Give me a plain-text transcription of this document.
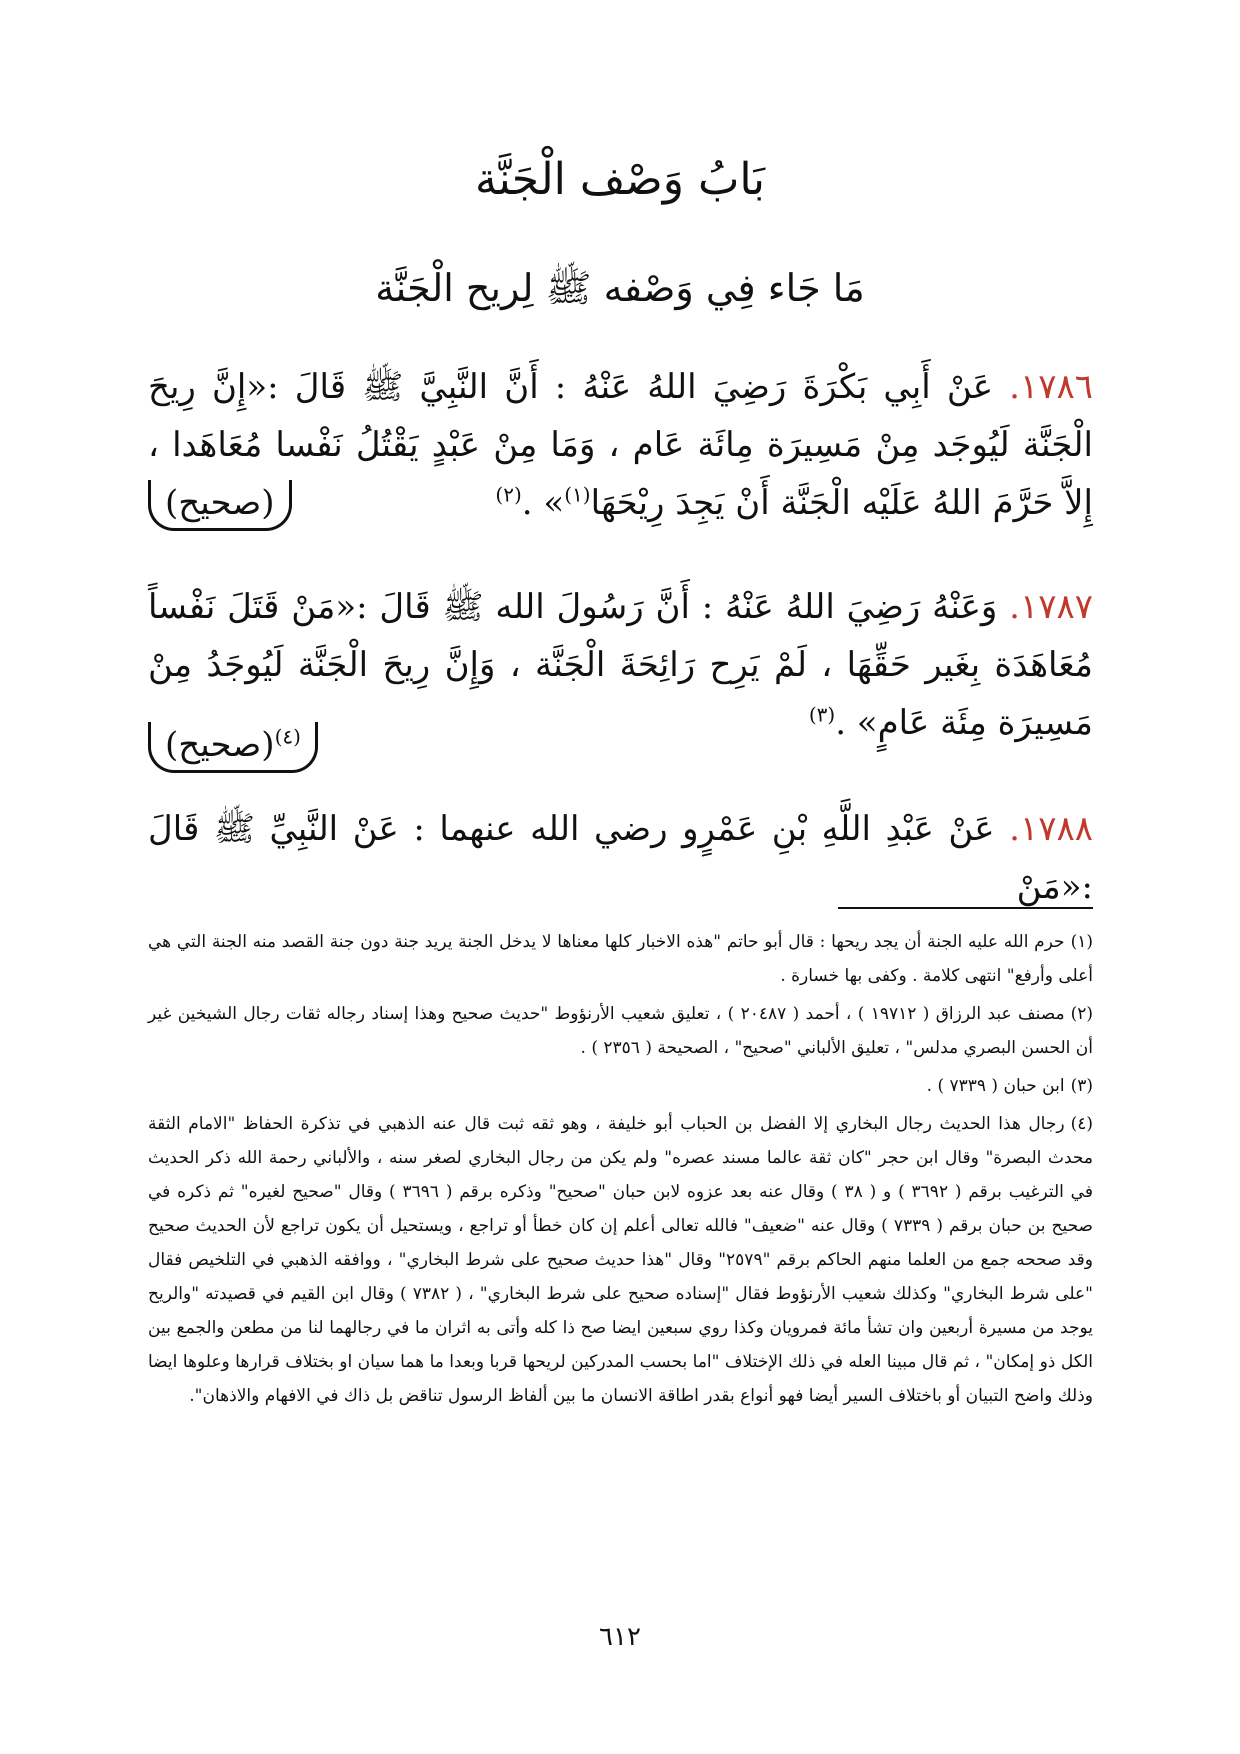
بَابُ وَصْف الْجَنَّة
مَا جَاء فِي وَصْفه ﷺ لِريح الْجَنَّة
١٧٨٦. عَنْ أَبِي بَكْرَةَ رَضِيَ اللهُ عَنْهُ : أَنَّ النَّبِيَّ ﷺ قَالَ :«إِنَّ رِيحَ الْجَنَّة لَيُوجَد مِنْ مَسِيرَة مِائَة عَام ، وَمَا مِنْ عَبْدٍ يَقْتُلُ نَفْسا مُعَاهَدا ، إِلاَّ حَرَّمَ اللهُ عَلَيْه الْجَنَّة أَنْ يَجِدَ رِيْحَهَا$^{(١)}$» .$^{(٢)}$
(صحيح)
١٧٨٧. وَعَنْهُ رَضِيَ اللهُ عَنْهُ : أَنَّ رَسُولَ الله ﷺ قَالَ :«مَنْ قَتَلَ نَفْساً مُعَاهَدَة بِغَير حَقِّهَا ، لَمْ يَرِح رَائِحَةَ الْجَنَّة ، وَإِنَّ رِيحَ الْجَنَّة لَيُوجَدُ مِنْ مَسِيرَة مِئَة عَامٍ» .$^{(٣)}$
$^{(٤)}$(صحيح)
١٧٨٨. عَنْ عَبْدِ اللَّهِ بْنِ عَمْرٍو رضي الله عنهما : عَنْ النَّبِيِّ ﷺ قَالَ :«مَنْ
(١)حرم الله عليه الجنة أن يجد ريحها : قال أبو حاتم "هذه الاخبار كلها معناها لا يدخل الجنة يريد جنة دون جنة القصد منه الجنة التي هي أعلى وأرفع" انتهى كلامة . وكفى بها خسارة .
(٢)مصنف عبد الرزاق ( ١٩٧١٢ ) ، أحمد ( ٢٠٤٨٧ ) ، تعليق شعيب الأرنؤوط "حديث صحيح وهذا إسناد رجاله ثقات رجال الشيخين غير أن الحسن البصري مدلس" ، تعليق الألباني "صحيح" ، الصحيحة ( ٢٣٥٦ ) .
(٣)ابن حبان ( ٧٣٣٩ ) .
(٤)رجال هذا الحديث رجال البخاري إلا الفضل بن الحباب أبو خليفة ، وهو ثقه ثبت قال عنه الذهبي في تذكرة الحفاظ "الامام الثقة محدث البصرة" وقال ابن حجر "كان ثقة عالما مسند عصره" ولم يكن من رجال البخاري لصغر سنه ، والألباني رحمة الله ذكر الحديث في الترغيب برقم ( ٣٦٩٢ ) و ( ٣٨ ) وقال عنه بعد عزوه لابن حبان "صحيح" وذكره برقم ( ٣٦٩٦ ) وقال "صحيح لغيره" ثم ذكره في صحيح بن حبان برقم ( ٧٣٣٩ ) وقال عنه "ضعيف" فالله تعالى أعلم إن كان خطأ أو تراجع ، ويستحيل أن يكون تراجع لأن الحديث صحيح وقد صححه جمع من العلما منهم الحاكم برقم "٢٥٧٩" وقال "هذا حديث صحيح على شرط البخاري" ، ووافقه الذهبي في التلخيص فقال "على شرط البخاري" وكذلك شعيب الأرنؤوط فقال "إسناده صحيح على شرط البخاري" ، ( ٧٣٨٢ ) وقال ابن القيم في قصيدته "والريح يوجد من مسيرة أربعين وان تشأ مائة فمرويان وكذا روي سبعين ايضا صح ذا كله وأتى به اثران ما في رجالهما لنا من مطعن والجمع بين الكل ذو إمكان" ، ثم قال مبينا العله في ذلك الإختلاف "اما بحسب المدركين لريحها قربا وبعدا ما هما سيان او بختلاف قرارها وعلوها ايضا وذلك واضح التبيان أو باختلاف السير أيضا فهو أنواع بقدر اطاقة الانسان ما بين ألفاظ الرسول تناقض بل ذاك في الافهام والاذهان".
٦١٢
